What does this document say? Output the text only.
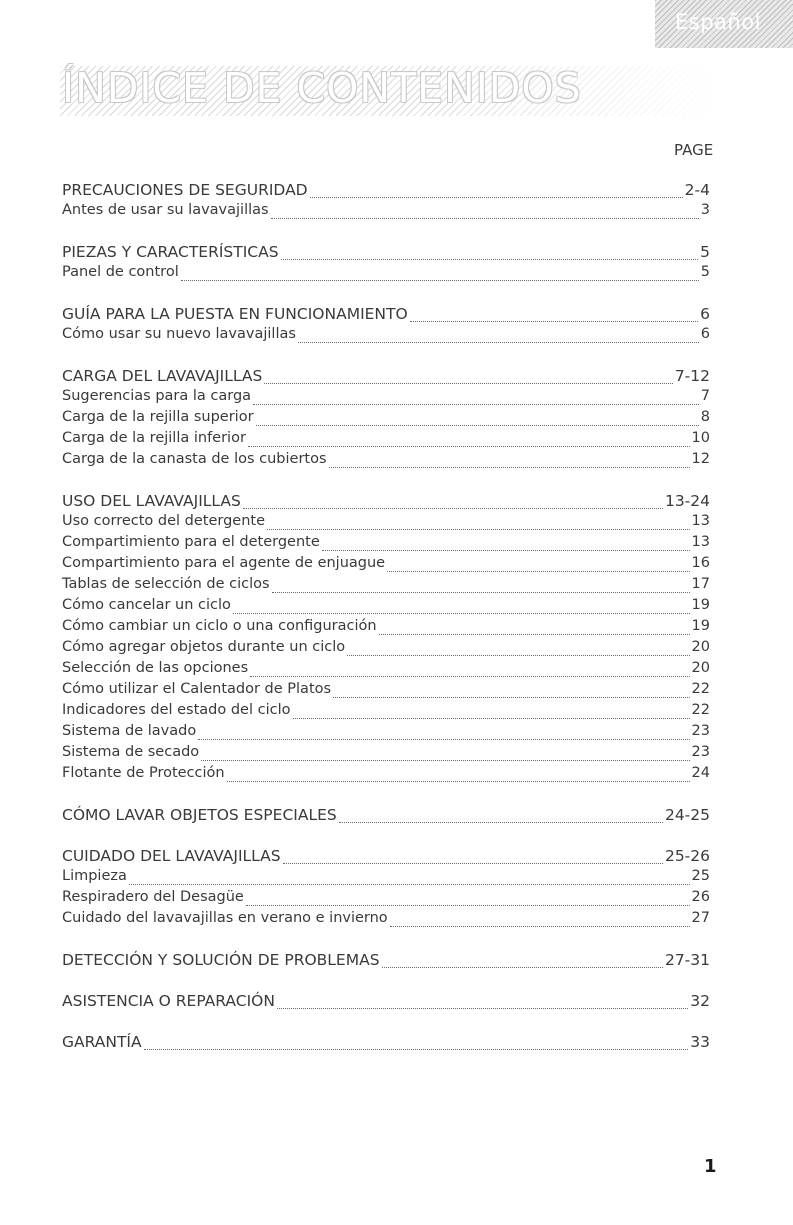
Español
ÍNDICE DE CONTENIDOS
PAGE
PRECAUCIONES DE SEGURIDAD	2-4
Antes de usar su lavavajillas	3
PIEZAS Y CARACTERÍSTICAS	5
Panel de control	5
GUÍA PARA LA PUESTA EN FUNCIONAMIENTO	6
Cómo usar su nuevo lavavajillas	6
CARGA DEL LAVAVAJILLAS	7-12
Sugerencias para la carga	7
Carga de la rejilla superior	8
Carga de la rejilla inferior	10
Carga de la canasta de los cubiertos	12
USO DEL LAVAVAJILLAS	13-24
Uso correcto del detergente	13
Compartimiento para el detergente	13
Compartimiento para el agente de enjuague	16
Tablas de selección de ciclos	17
Cómo cancelar un ciclo	19
Cómo cambiar un ciclo o una configuración	19
Cómo agregar objetos durante un ciclo	20
Selección de las opciones	20
Cómo utilizar el Calentador de Platos	22
Indicadores del estado del ciclo	22
Sistema de lavado	23
Sistema de secado	23
Flotante de Protección	24
CÓMO LAVAR OBJETOS ESPECIALES	24-25
CUIDADO DEL LAVAVAJILLAS	25-26
Limpieza	25
Respiradero del Desagüe	26
Cuidado del lavavajillas en verano e invierno	27
DETECCIÓN Y SOLUCIÓN DE PROBLEMAS	27-31
ASISTENCIA O REPARACIÓN	32
GARANTÍA	33
1
